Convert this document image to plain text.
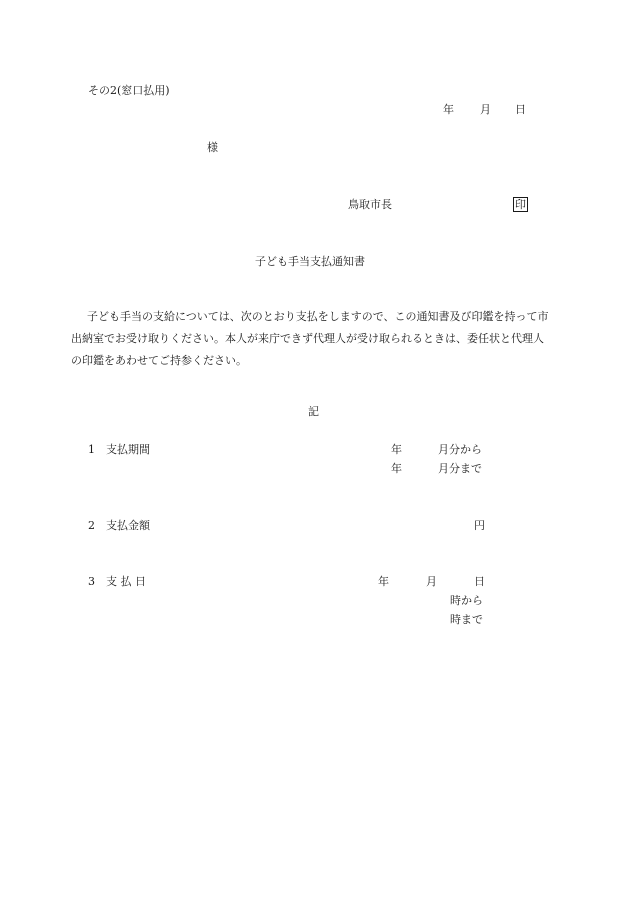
その2(窓口払用)
年 月 日
様
鳥取市長	印
子ども手当支払通知書
子ども手当の支給については、次のとおり支払をしますので、この通知書及び印鑑を持って市出納室でお受け取りください。本人が来庁できず代理人が受け取られるときは、委任状と代理人の印鑑をあわせてご持参ください。
記
1 支払期間	年	月分から
年	月分まで
2 支払金額	円
3 支 払 日	年	月	日
時から
時まで
